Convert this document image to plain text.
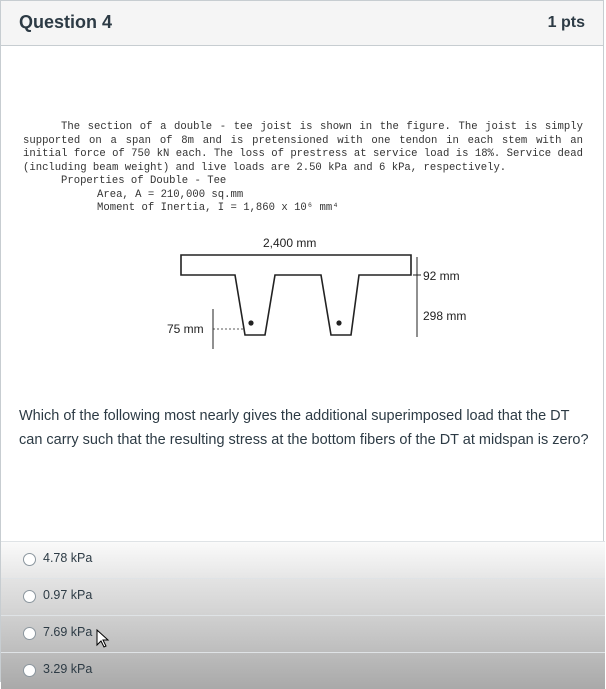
Question 4	1 pts

The section of a double - tee joist is shown in the figure. The joist is simply supported on a span of 8m and is pretensioned with one tendon in each stem with an initial force of 750 kN each. The loss of prestress at service load is 18%. Service dead (including beam weight) and live loads are 2.50 kPa and 6 kPa, respectively.

Properties of Double - Tee
Area, A = 210,000 sq.mm
Moment of Inertia, I = 1,860 x 10⁶ mm⁴
2,400 mm
92 mm
298 mm
75 mm
Which of the following most nearly gives the additional superimposed load that the DT can carry such that the resulting stress at the bottom fibers of the DT at midspan is zero?
4.78 kPa
0.97 kPa
7.69 kPa
3.29 kPa
